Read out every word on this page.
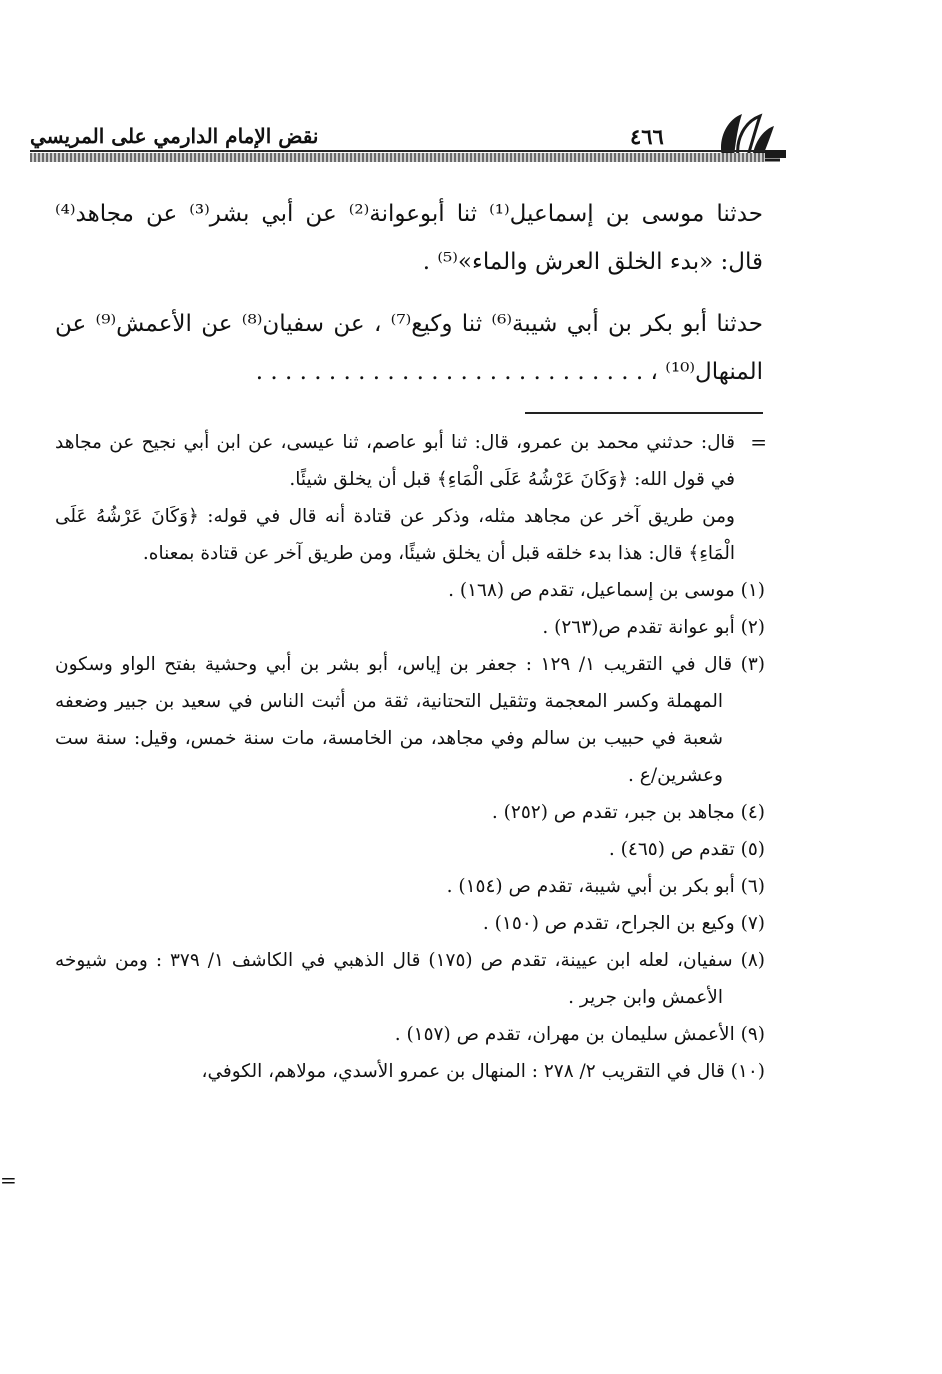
نقض الإمام الدارمي على المريسي	٤٦٦

حدثنا موسى بن إسماعيل⁽¹⁾ ثنا أبوعوانة⁽²⁾ عن أبي بشر⁽³⁾ عن مجاهد⁽⁴⁾ قال: «بدء الخلق العرش والماء»⁽⁵⁾ .

حدثنا أبو بكر بن أبي شيبة⁽⁶⁾ ثنا وكيع⁽⁷⁾ ، عن سفيان⁽⁸⁾ عن الأعمش⁽⁹⁾ عن المنهال⁽¹⁰⁾ ، . . . . . . . . . . . . . . . . . . . . . . . . . . .

=

قال: حدثني محمد بن عمرو، قال: ثنا أبو عاصم، ثنا عيسى، عن ابن أبي نجيح عن مجاهد في قول الله: ﴿وَكَانَ عَرْشُهُ عَلَى الْمَاءِ﴾ قبل أن يخلق شيئًا.

ومن طريق آخر عن مجاهد مثله، وذكر عن قتادة أنه قال في قوله: ﴿وَكَانَ عَرْشُهُ عَلَى الْمَاءِ﴾ قال: هذا بدء خلقه قبل أن يخلق شيئًا، ومن طريق آخر عن قتادة بمعناه.

(١) موسى بن إسماعيل، تقدم ص (١٦٨) .

(٢) أبو عوانة تقدم ص(٢٦٣) .

(٣) قال في التقريب ١/ ١٢٩ : جعفر بن إياس، أبو بشر بن أبي وحشية بفتح الواو وسكون المهملة وكسر المعجمة وتثقيل التحتانية، ثقة من أثبت الناس في سعيد بن جبير وضعفه شعبة في حبيب بن سالم وفي مجاهد، من الخامسة، مات سنة خمس، وقيل: سنة ست وعشرين/ع .

(٤) مجاهد بن جبر، تقدم ص (٢٥٢) .

(٥) تقدم ص (٤٦٥) .

(٦) أبو بكر بن أبي شيبة، تقدم ص (١٥٤) .

(٧) وكيع بن الجراح، تقدم ص (١٥٠) .

(٨) سفيان، لعله ابن عيينة، تقدم ص (١٧٥) قال الذهبي في الكاشف ١/ ٣٧٩ : ومن شيوخه الأعمش وابن جرير .

(٩) الأعمش سليمان بن مهران، تقدم ص (١٥٧) .

(١٠) قال في التقريب ٢/ ٢٧٨ : المنهال بن عمرو الأسدي، مولاهم، الكوفي،

=
